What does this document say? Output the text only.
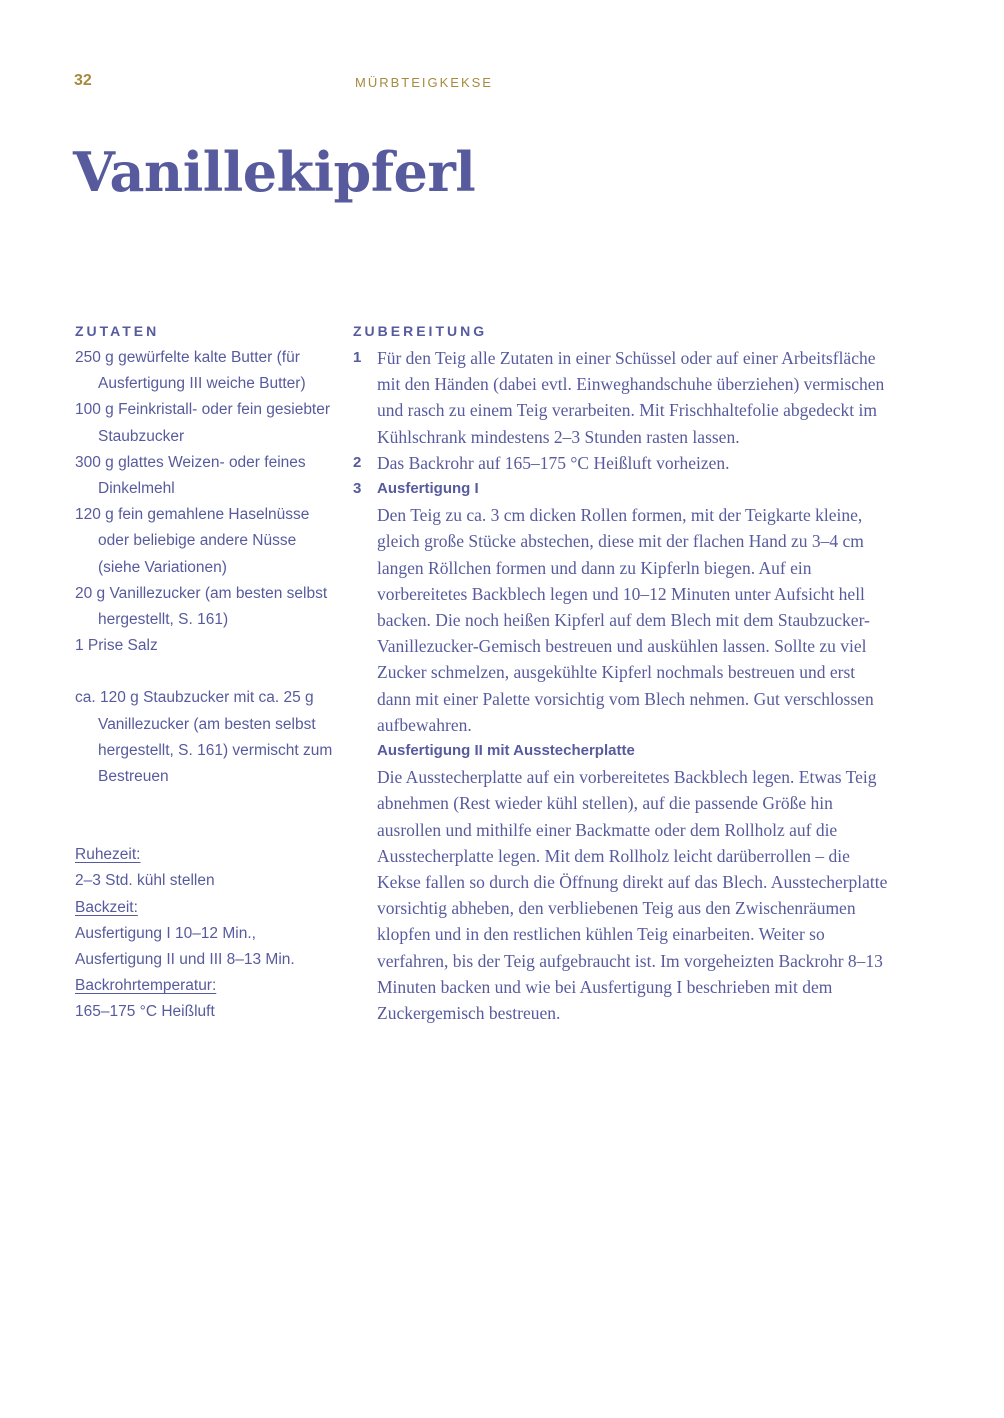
32	MÜRBTEIGKEKSE
Vanillekipferl
ZUTATEN

250 g gewürfelte kalte Butter (für Ausfertigung III weiche Butter)

100 g Feinkristall- oder fein gesiebter Staubzucker

300 g glattes Weizen- oder feines Dinkelmehl

120 g fein gemahlene Haselnüsse oder beliebige andere Nüsse (siehe Variationen)

20 g Vanillezucker (am besten selbst hergestellt, S. 161)

1 Prise Salz

ca. 120 g Staubzucker mit ca. 25 g Vanillezucker (am besten selbst hergestellt, S. 161) vermischt zum Bestreuen

Ruhezeit:

2–3 Std. kühl stellen

Backzeit:

Ausfertigung I 10–12 Min.,

Ausfertigung II und III 8–13 Min.

Backrohrtemperatur:

165–175 °C Heißluft

ZUBEREITUNG
1 Für den Teig alle Zutaten in einer Schüssel oder auf einer Arbeitsfläche mit den Händen (dabei evtl. Einweghandschuhe überziehen) vermischen und rasch zu einem Teig verarbeiten. Mit Frischhaltefolie abgedeckt im Kühlschrank mindestens 2–3 Stunden rasten lassen.
2 Das Backrohr auf 165–175 °C Heißluft vorheizen.
3 Ausfertigung I
Den Teig zu ca. 3 cm dicken Rollen formen, mit der Teigkarte kleine, gleich große Stücke abstechen, diese mit der flachen Hand zu 3–4 cm langen Röllchen formen und dann zu Kipferln biegen. Auf ein vorbereitetes Backblech legen und 10–12 Minuten unter Aufsicht hell backen. Die noch heißen Kipferl auf dem Blech mit dem Staubzucker-Vanillezucker-Gemisch bestreuen und auskühlen lassen. Sollte zu viel Zucker schmelzen, ausgekühlte Kipferl nochmals bestreuen und erst dann mit einer Palette vorsichtig vom Blech nehmen. Gut verschlossen aufbewahren.
Ausfertigung II mit Ausstecherplatte
Die Ausstecherplatte auf ein vorbereitetes Backblech legen. Etwas Teig abnehmen (Rest wieder kühl stellen), auf die passende Größe hin ausrollen und mithilfe einer Backmatte oder dem Rollholz auf die Ausstecherplatte legen. Mit dem Rollholz leicht darüberrollen – die Kekse fallen so durch die Öffnung direkt auf das Blech. Ausstecherplatte vorsichtig abheben, den verbliebenen Teig aus den Zwischenräumen klopfen und in den restlichen kühlen Teig einarbeiten. Weiter so verfahren, bis der Teig aufgebraucht ist. Im vorgeheizten Backrohr 8–13 Minuten backen und wie bei Ausfertigung I beschrieben mit dem Zuckergemisch bestreuen.
